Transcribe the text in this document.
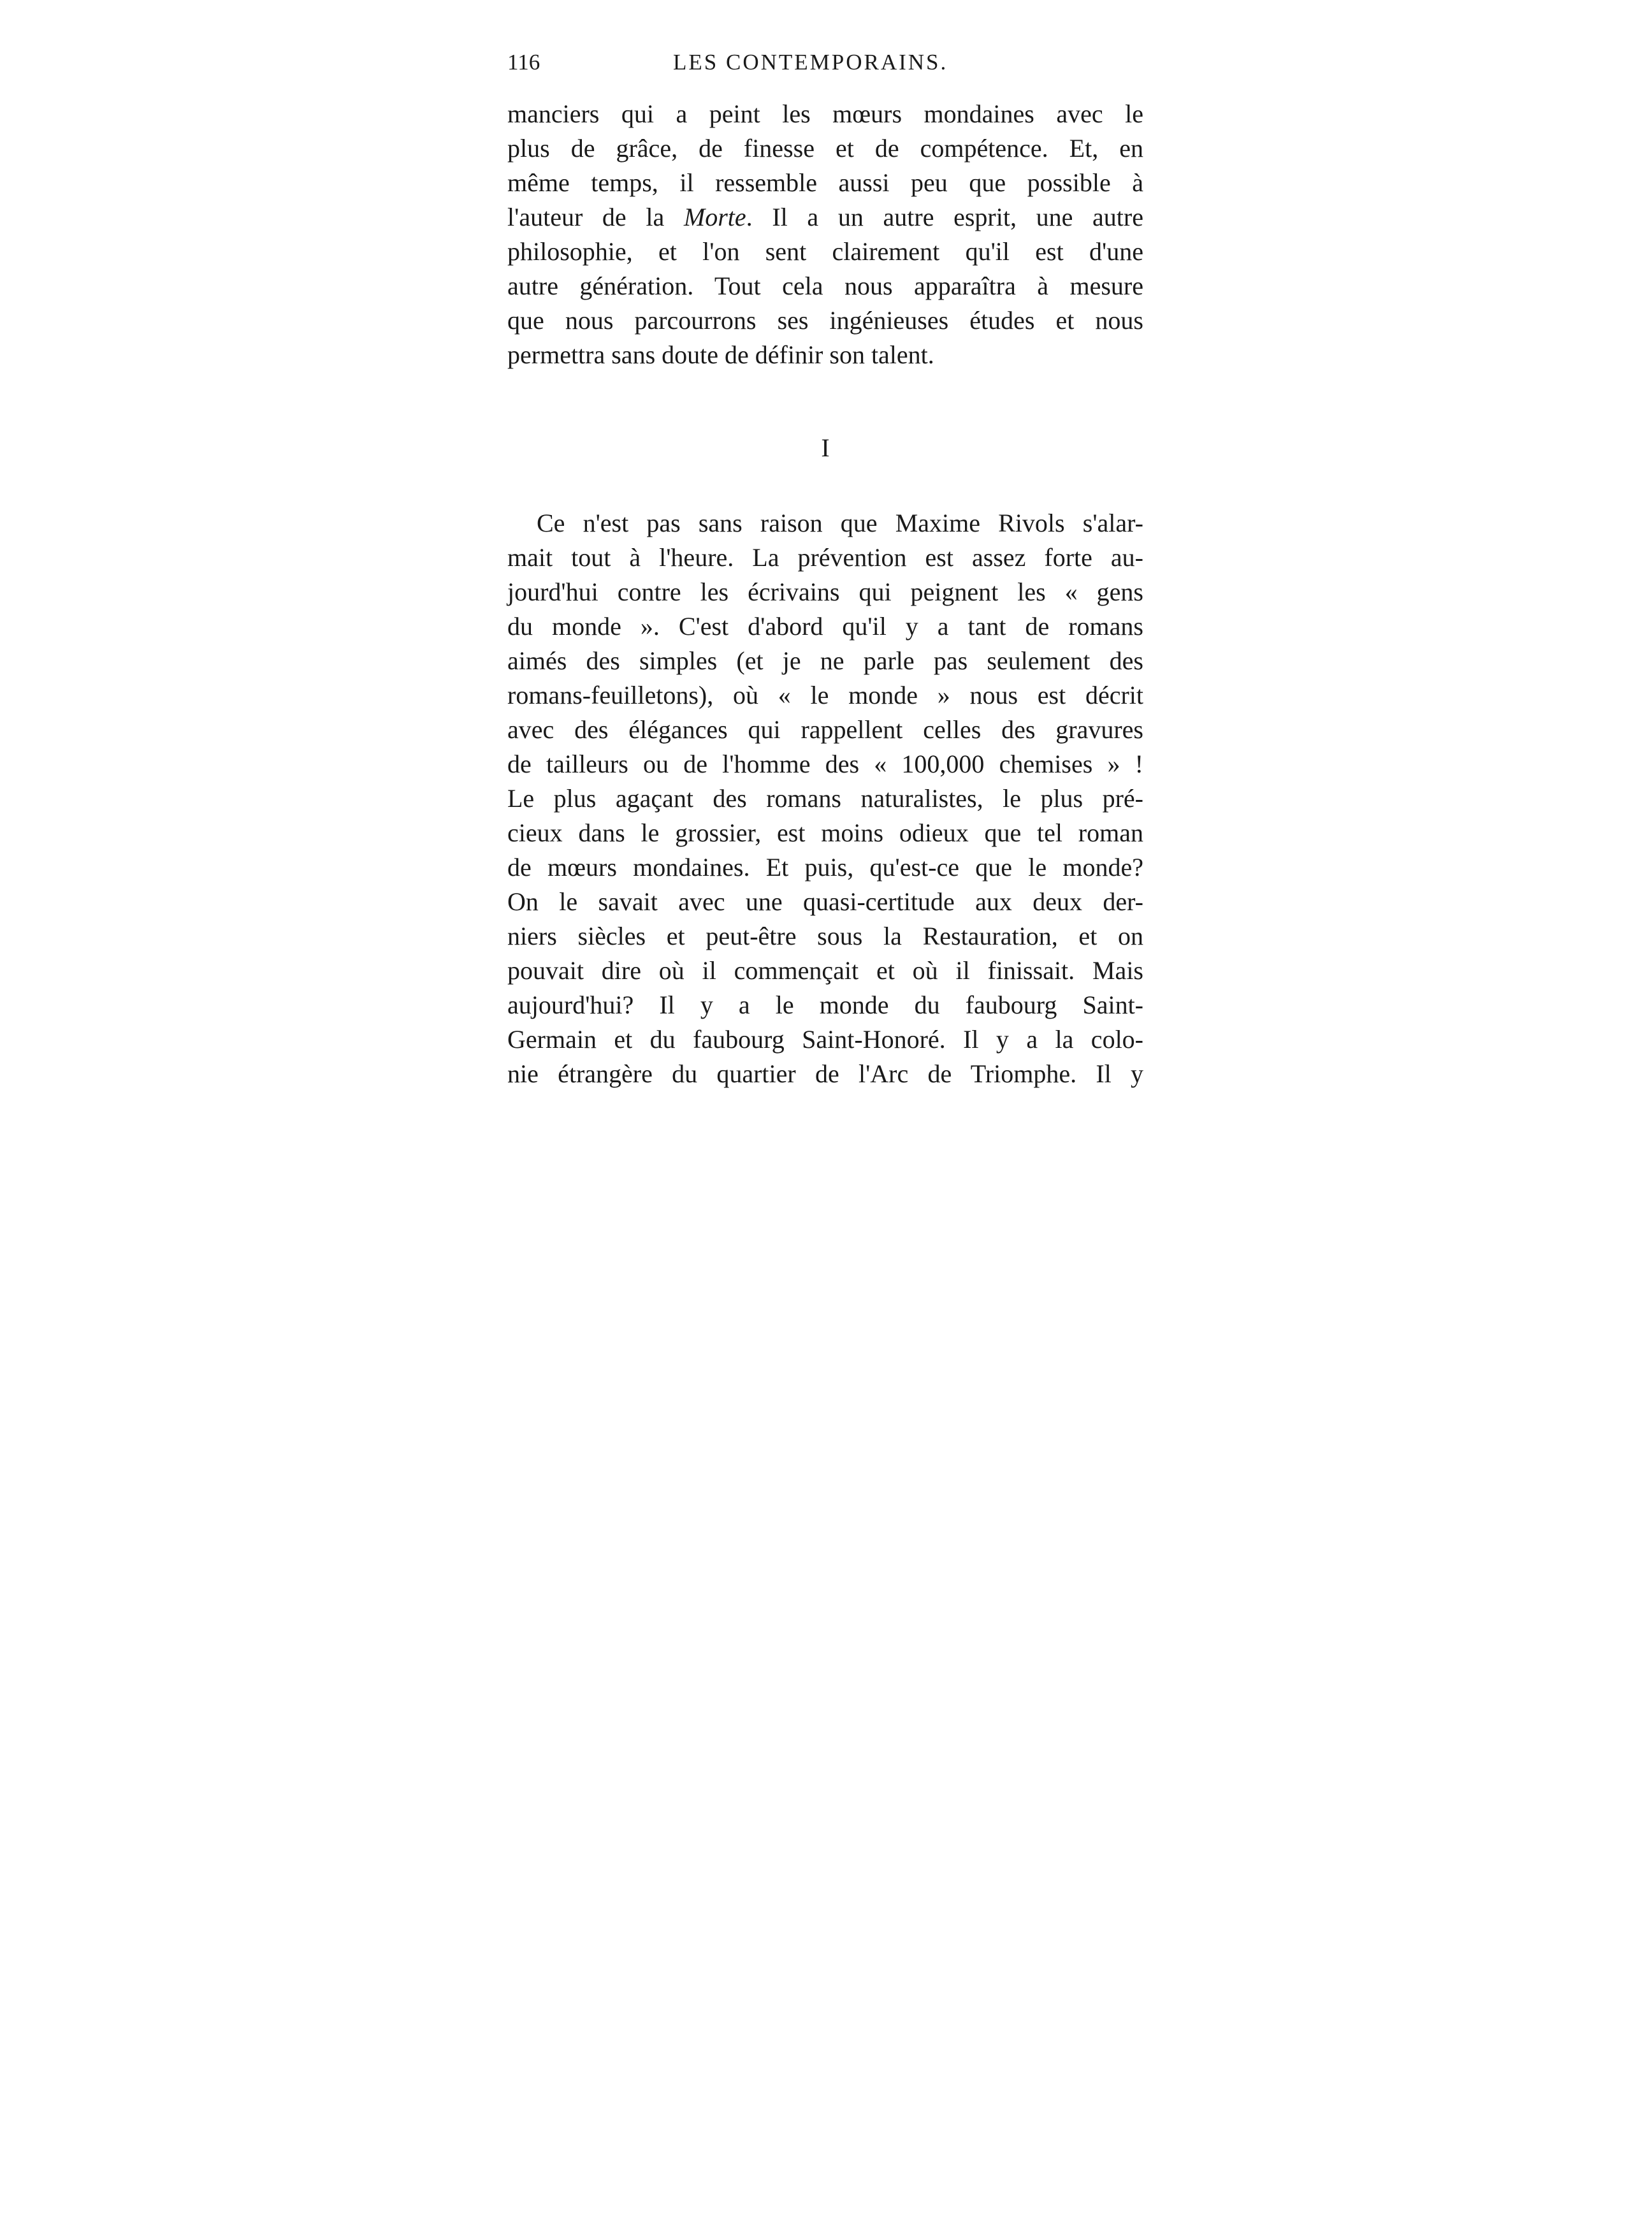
116	LES CONTEMPORAINS.
manciers qui a peint les mœurs mondaines avec le
plus de grâce, de finesse et de compétence. Et, en
même temps, il ressemble aussi peu que possible à
l'auteur de la Morte. Il a un autre esprit, une autre
philosophie, et l'on sent clairement qu'il est d'une
autre génération. Tout cela nous apparaîtra à mesure
que nous parcourrons ses ingénieuses études et nous
permettra sans doute de définir son talent.
I
Ce n'est pas sans raison que Maxime Rivols s'alar-
mait tout à l'heure. La prévention est assez forte au-
jourd'hui contre les écrivains qui peignent les « gens
du monde ». C'est d'abord qu'il y a tant de romans
aimés des simples (et je ne parle pas seulement des
romans-feuilletons), où « le monde » nous est décrit
avec des élégances qui rappellent celles des gravures
de tailleurs ou de l'homme des « 100,000 chemises » !
Le plus agaçant des romans naturalistes, le plus pré-
cieux dans le grossier, est moins odieux que tel roman
de mœurs mondaines. Et puis, qu'est-ce que le monde?
On le savait avec une quasi-certitude aux deux der-
niers siècles et peut-être sous la Restauration, et on
pouvait dire où il commençait et où il finissait. Mais
aujourd'hui? Il y a le monde du faubourg Saint-
Germain et du faubourg Saint-Honoré. Il y a la colo-
nie étrangère du quartier de l'Arc de Triomphe. Il y
